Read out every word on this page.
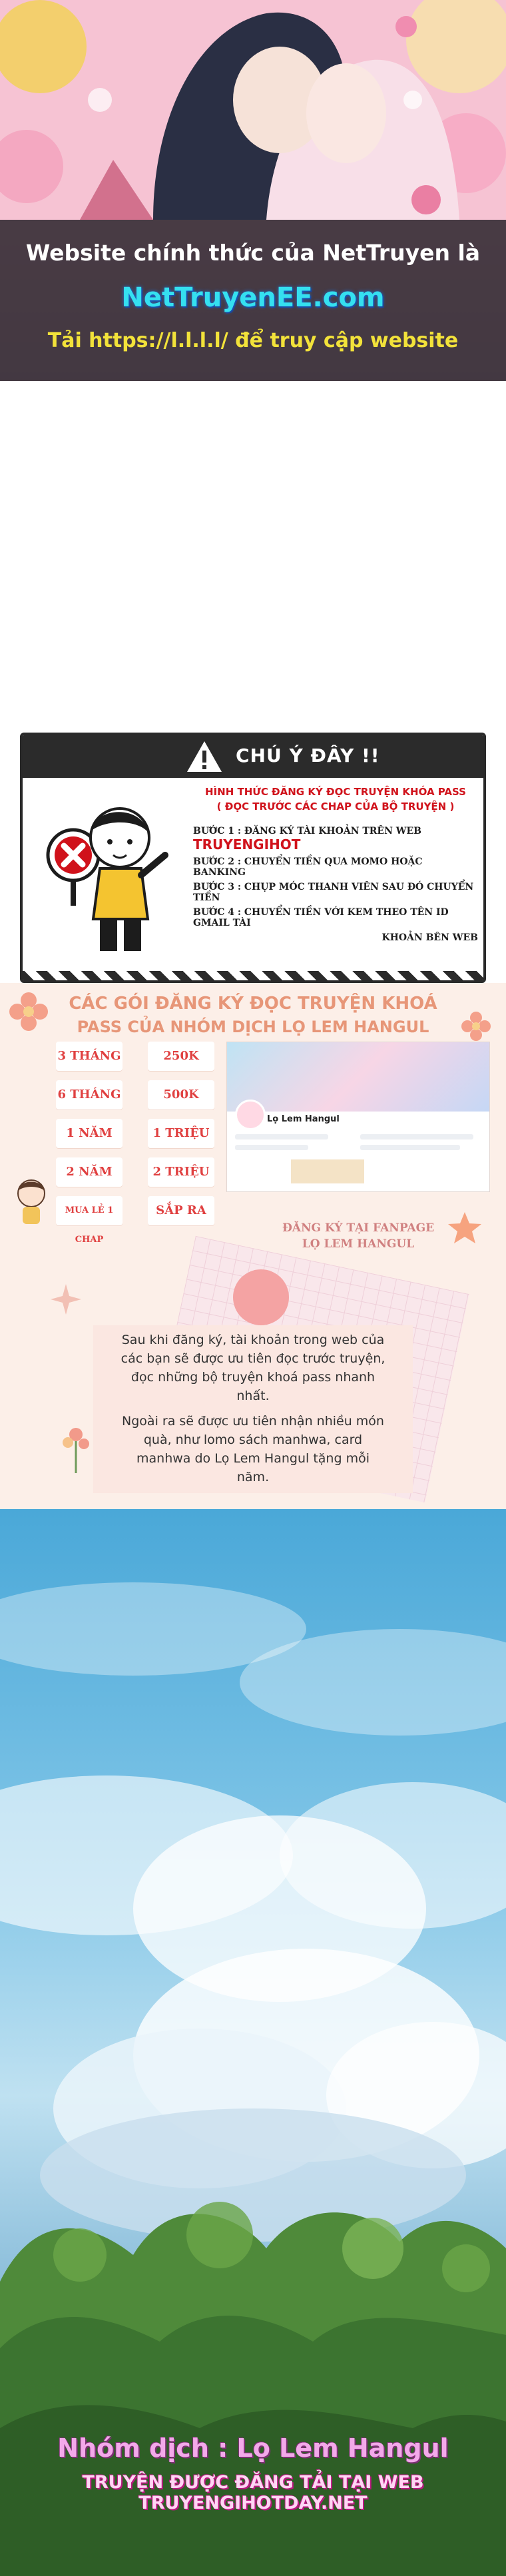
Website chính thức của NetTruyen là
NetTruyenEE.com
Tải https://l.l.l.l/ để truy cập website
CHÚ Ý ĐÂY !!
HÌNH THỨC ĐĂNG KÝ ĐỌC TRUYỆN KHÓA PASS
( ĐỌC TRƯỚC CÁC CHAP CỦA BỘ TRUYỆN )
BƯỚC 1 : ĐĂNG KÝ TÀI KHOẢN TRÊN WEB TRUYENGIHOT
BƯỚC 2 : CHUYỂN TIỀN QUA MOMO HOẶC BANKING
BƯỚC 3 : CHỤP MÓC THANH VIÊN SAU ĐÓ CHUYỂN TIỀN
BƯỚC 4 : CHUYỂN TIỀN VỚI KEM THEO TÊN ID GMAIL TÀI
KHOẢN BÊN WEB
CÁC GÓI ĐĂNG KÝ ĐỌC TRUYỆN KHOÁ
PASS CỦA NHÓM DỊCH LỌ LEM HANGUL
3 THÁNG
6 THÁNG
1 NĂM
2 NĂM
MUA LẺ 1 CHAP
250K
500K
1 TRIỆU
2 TRIỆU
SẮP RA
Lọ Lem Hangul
ĐĂNG KÝ TẠI FANPAGE
LỌ LEM HANGUL
Sau khi đăng ký, tài khoản trong web của
các bạn sẽ được ưu tiên đọc trước truyện,
đọc những bộ truyện khoá pass nhanh
nhất.
Ngoài ra sẽ được ưu tiên nhận nhiều món
quà, như lomo sách manhwa, card
manhwa do Lọ Lem Hangul tặng mỗi
năm.
Nhóm dịch : Lọ Lem Hangul
TRUYỆN ĐƯỢC ĐĂNG TẢI TẠI WEB TRUYENGIHOTDAY.NET
